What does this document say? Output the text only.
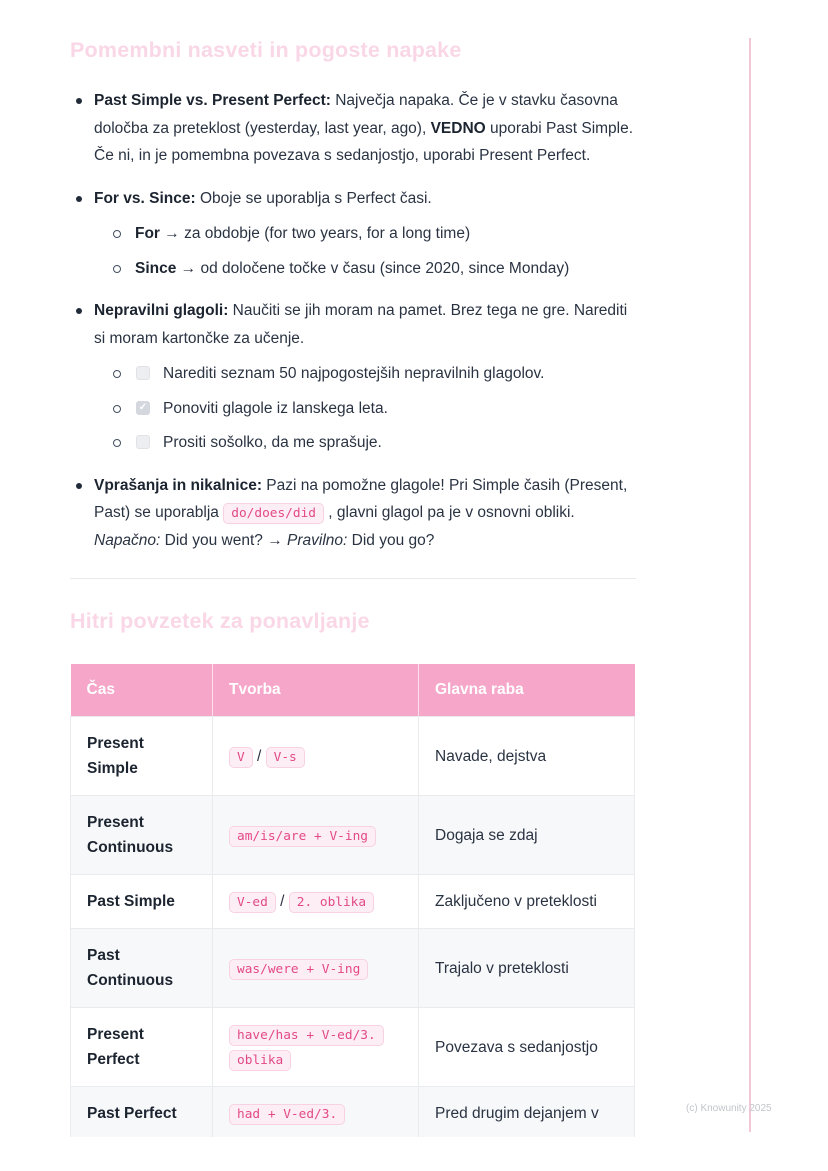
Pomembni nasveti in pogoste napake
Past Simple vs. Present Perfect: Največja napaka. Če je v stavku časovna določba za preteklost (yesterday, last year, ago), VEDNO uporabi Past Simple. Če ni, in je pomembna povezava s sedanjostjo, uporabi Present Perfect.
For vs. Since: Oboje se uporablja s Perfect časi.
For → za obdobje (for two years, for a long time)
Since → od določene točke v času (since 2020, since Monday)
Nepravilni glagoli: Naučiti se jih moram na pamet. Brez tega ne gre. Narediti si moram kartončke za učenje.
Narediti seznam 50 najpogostejših nepravilnih glagolov.
✓ Ponoviti glagole iz lanskega leta.
Prositi sošolko, da me sprašuje.
Vprašanja in nikalnice: Pazi na pomožne glagole! Pri Simple časih (Present, Past) se uporablja do/does/did , glavni glagol pa je v osnovni obliki. Napačno: Did you went? → Pravilno: Did you go?
Hitri povzetek za ponavljanje
Čas	Tvorba	Glavna raba
Present Simple	V / V-s	Navade, dejstva
Present Continuous	am/is/are + V-ing	Dogaja se zdaj
Past Simple	V-ed / 2. oblika	Zaključeno v preteklosti
Past Continuous	was/were + V-ing	Trajalo v preteklosti
Present Perfect	have/has + V-ed/3. oblika	Povezava s sedanjostjo
Past Perfect	had + V-ed/3.	Pred drugim dejanjem v	(c) Knowunity 2025
